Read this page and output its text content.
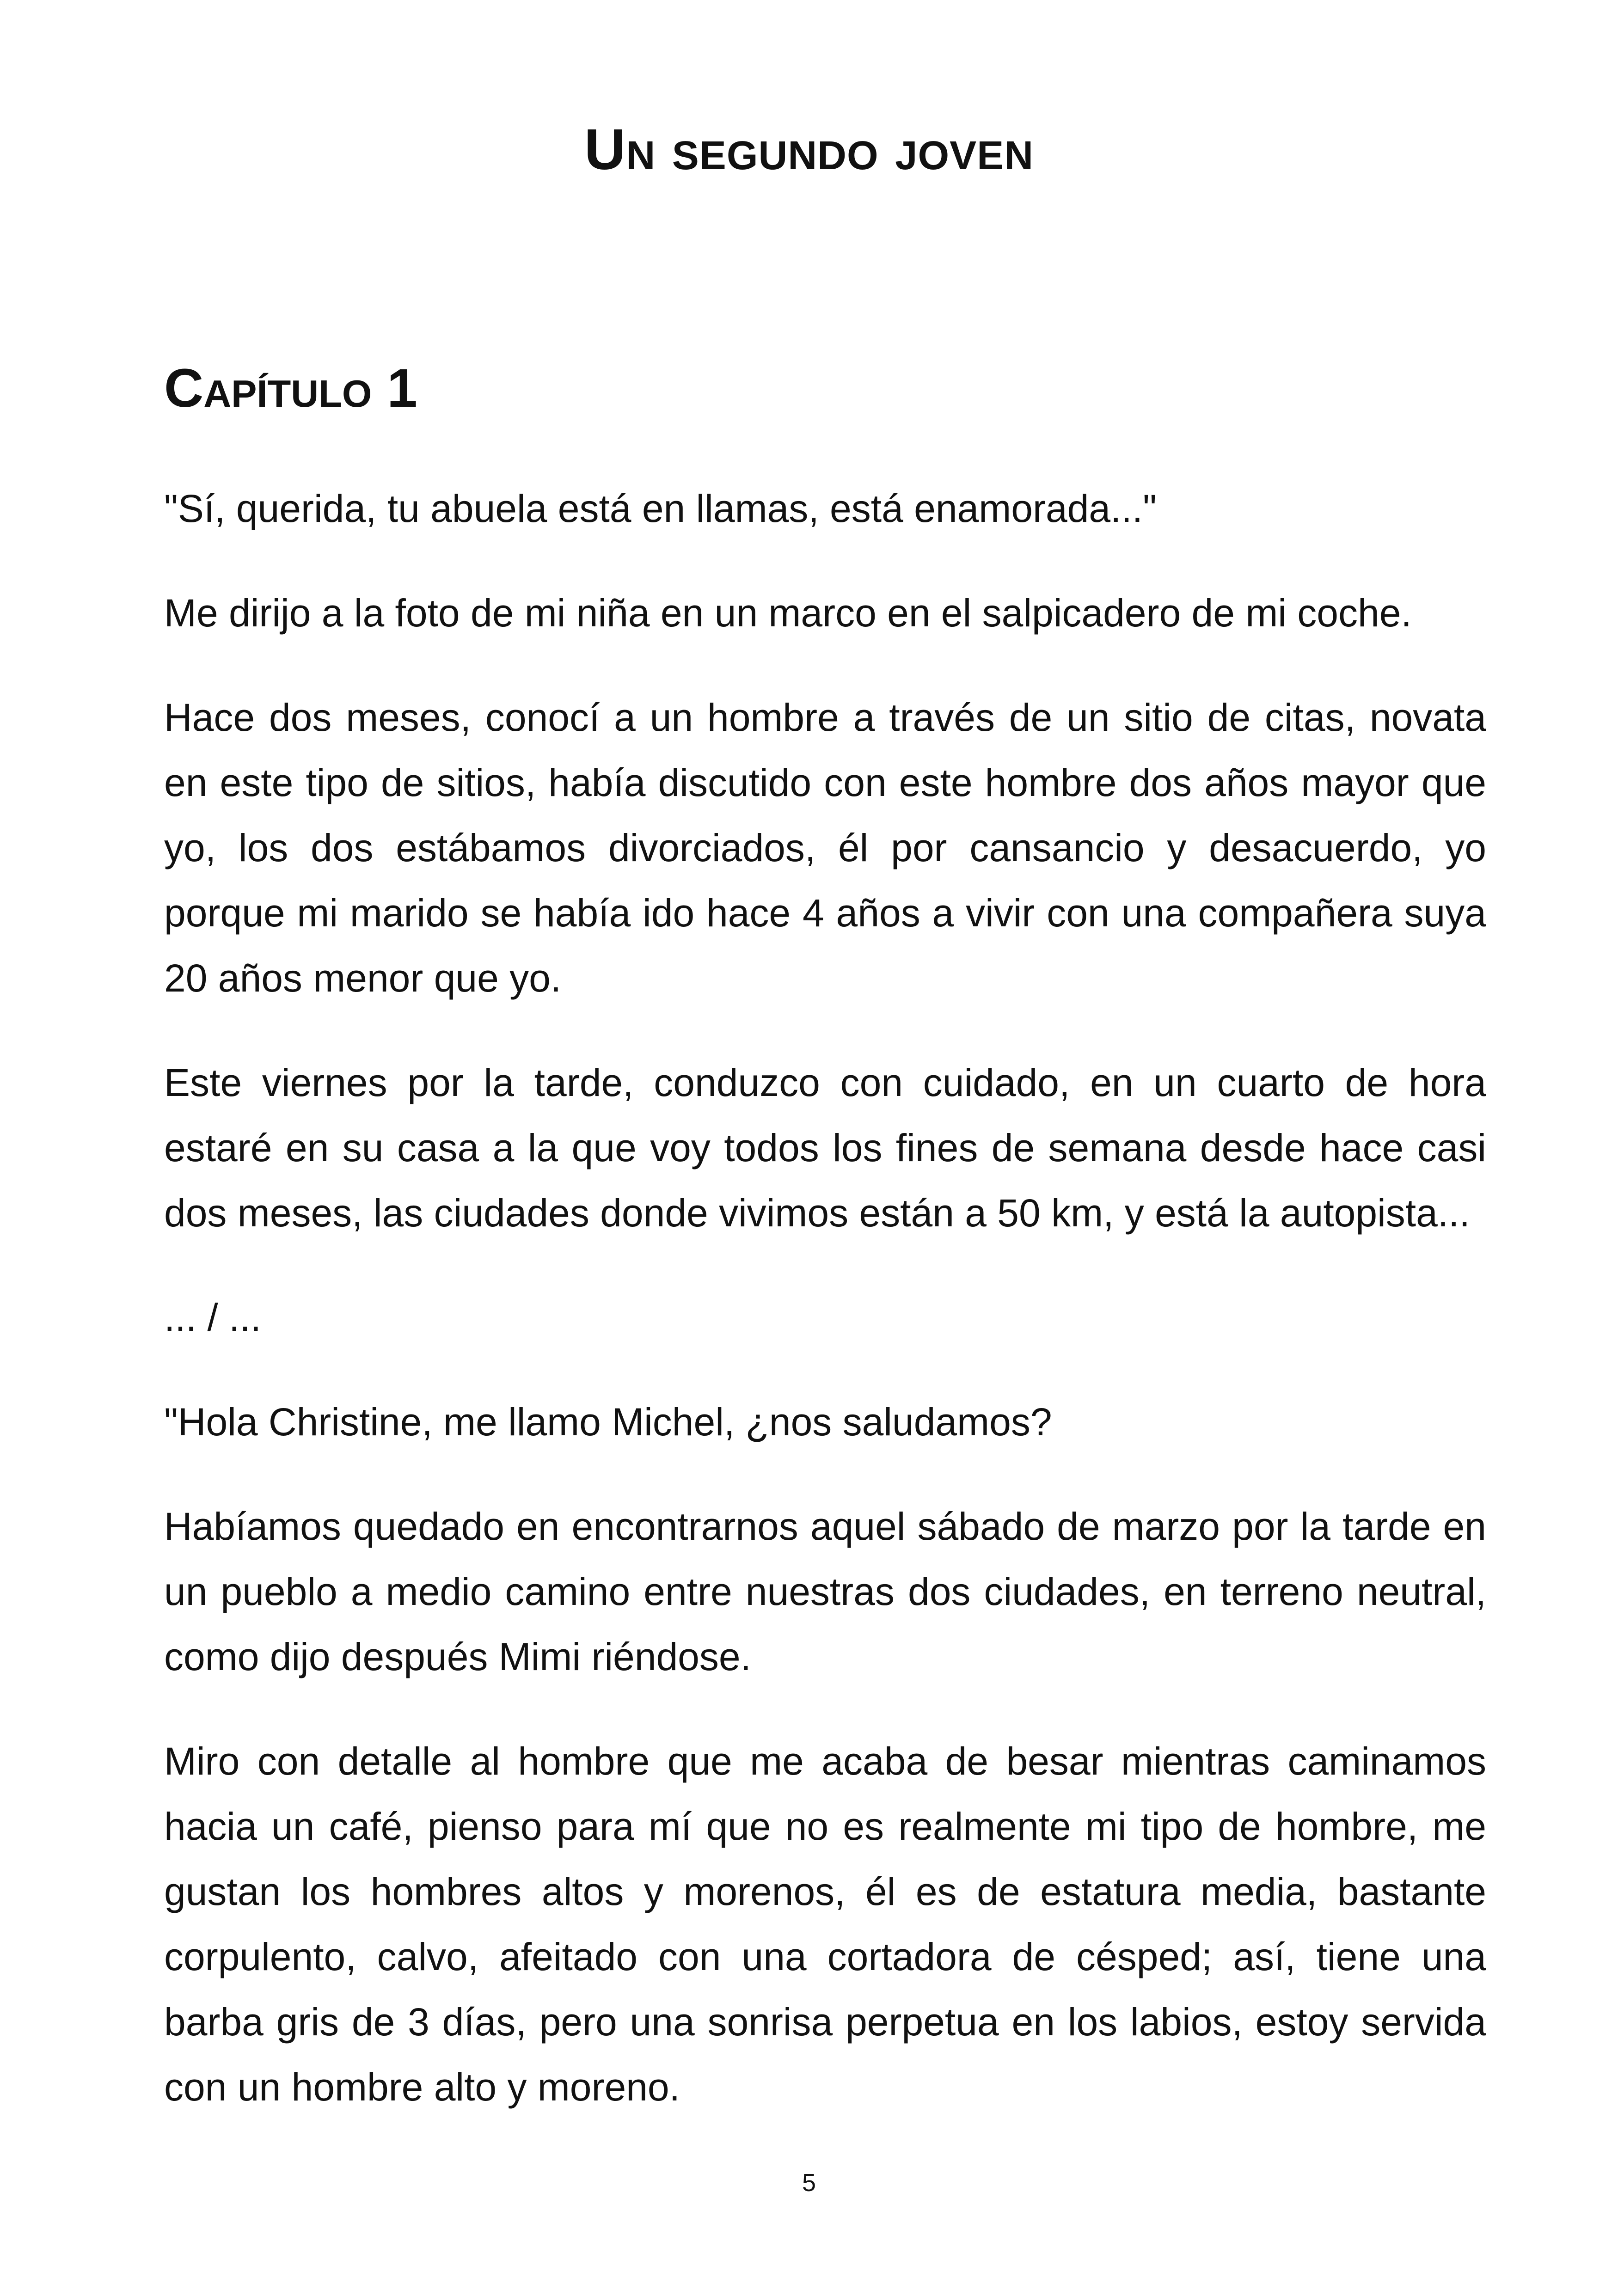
Un segundo joven
Capítulo 1

"Sí, querida, tu abuela está en llamas, está enamorada..."

Me dirijo a la foto de mi niña en un marco en el salpicadero de mi coche.

Hace dos meses, conocí a un hombre a través de un sitio de citas, novata en este tipo de sitios, había discutido con este hombre dos años mayor que yo, los dos estábamos divorciados, él por cansancio y desacuerdo, yo porque mi marido se había ido hace 4 años a vivir con una compañera suya 20 años menor que yo.

Este viernes por la tarde, conduzco con cuidado, en un cuarto de hora estaré en su casa a la que voy todos los fines de semana desde hace casi dos meses, las ciudades donde vivimos están a 50 km, y está la autopista...

... / ...

"Hola Christine, me llamo Michel, ¿nos saludamos?

Habíamos quedado en encontrarnos aquel sábado de marzo por la tarde en un pueblo a medio camino entre nuestras dos ciudades, en terreno neutral, como dijo después Mimi riéndose.

Miro con detalle al hombre que me acaba de besar mientras caminamos hacia un café, pienso para mí que no es realmente mi tipo de hombre, me gustan los hombres altos y morenos, él es de estatura media, bastante corpulento, calvo, afeitado con una cortadora de césped; así, tiene una barba gris de 3 días, pero una sonrisa perpetua en los labios, estoy servida con un hombre alto y moreno.

5
